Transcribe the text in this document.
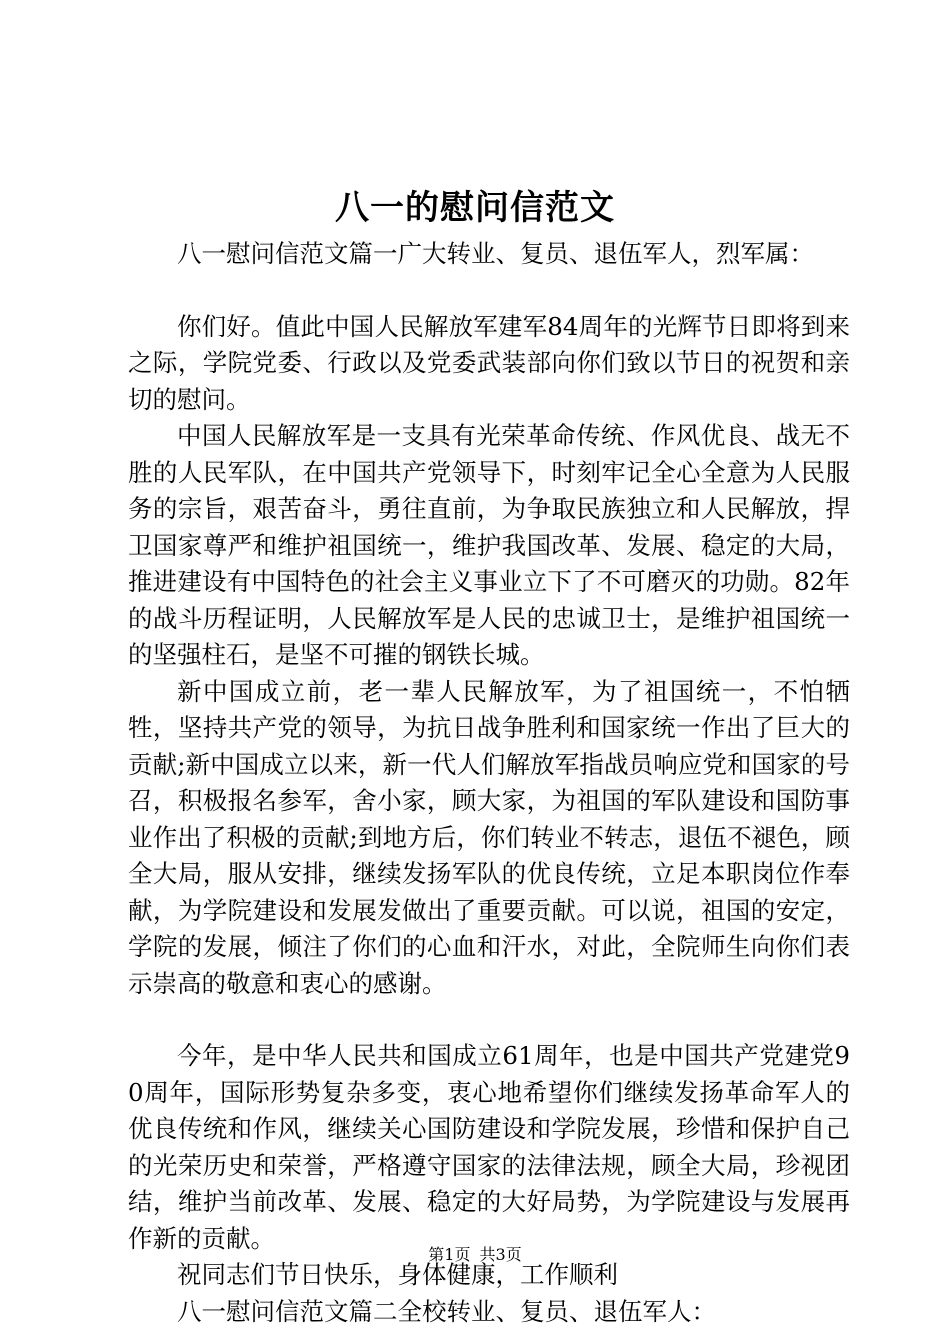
八一的慰问信范文

八一慰问信范文篇一广大转业、复员、退伍军人，烈军属：

你们好。值此中国人民解放军建军84周年的光辉节日即将到来之际，学院党委、行政以及党委武装部向你们致以节日的祝贺和亲切的慰问。

中国人民解放军是一支具有光荣革命传统、作风优良、战无不胜的人民军队，在中国共产党领导下，时刻牢记全心全意为人民服务的宗旨，艰苦奋斗，勇往直前，为争取民族独立和人民解放，捍卫国家尊严和维护祖国统一，维护我国改革、发展、稳定的大局，推进建设有中国特色的社会主义事业立下了不可磨灭的功勋。82年的战斗历程证明，人民解放军是人民的忠诚卫士，是维护祖国统一的坚强柱石，是坚不可摧的钢铁长城。

新中国成立前，老一辈人民解放军，为了祖国统一，不怕牺牲，坚持共产党的领导，为抗日战争胜利和国家统一作出了巨大的贡献;新中国成立以来，新一代人们解放军指战员响应党和国家的号召，积极报名参军，舍小家，顾大家，为祖国的军队建设和国防事业作出了积极的贡献;到地方后，你们转业不转志，退伍不褪色，顾全大局，服从安排，继续发扬军队的优良传统，立足本职岗位作奉献，为学院建设和发展发做出了重要贡献。可以说，祖国的安定，学院的发展，倾注了你们的心血和汗水，对此，全院师生向你们表示崇高的敬意和衷心的感谢。

今年，是中华人民共和国成立61周年，也是中国共产党建党90周年，国际形势复杂多变，衷心地希望你们继续发扬革命军人的优良传统和作风，继续关心国防建设和学院发展，珍惜和保护自己的光荣历史和荣誉，严格遵守国家的法律法规，顾全大局，珍视团结，维护当前改革、发展、稳定的大好局势，为学院建设与发展再作新的贡献。

祝同志们节日快乐，身体健康，工作顺利

八一慰问信范文篇二全校转业、复员、退伍军人：

第1页 共3页
